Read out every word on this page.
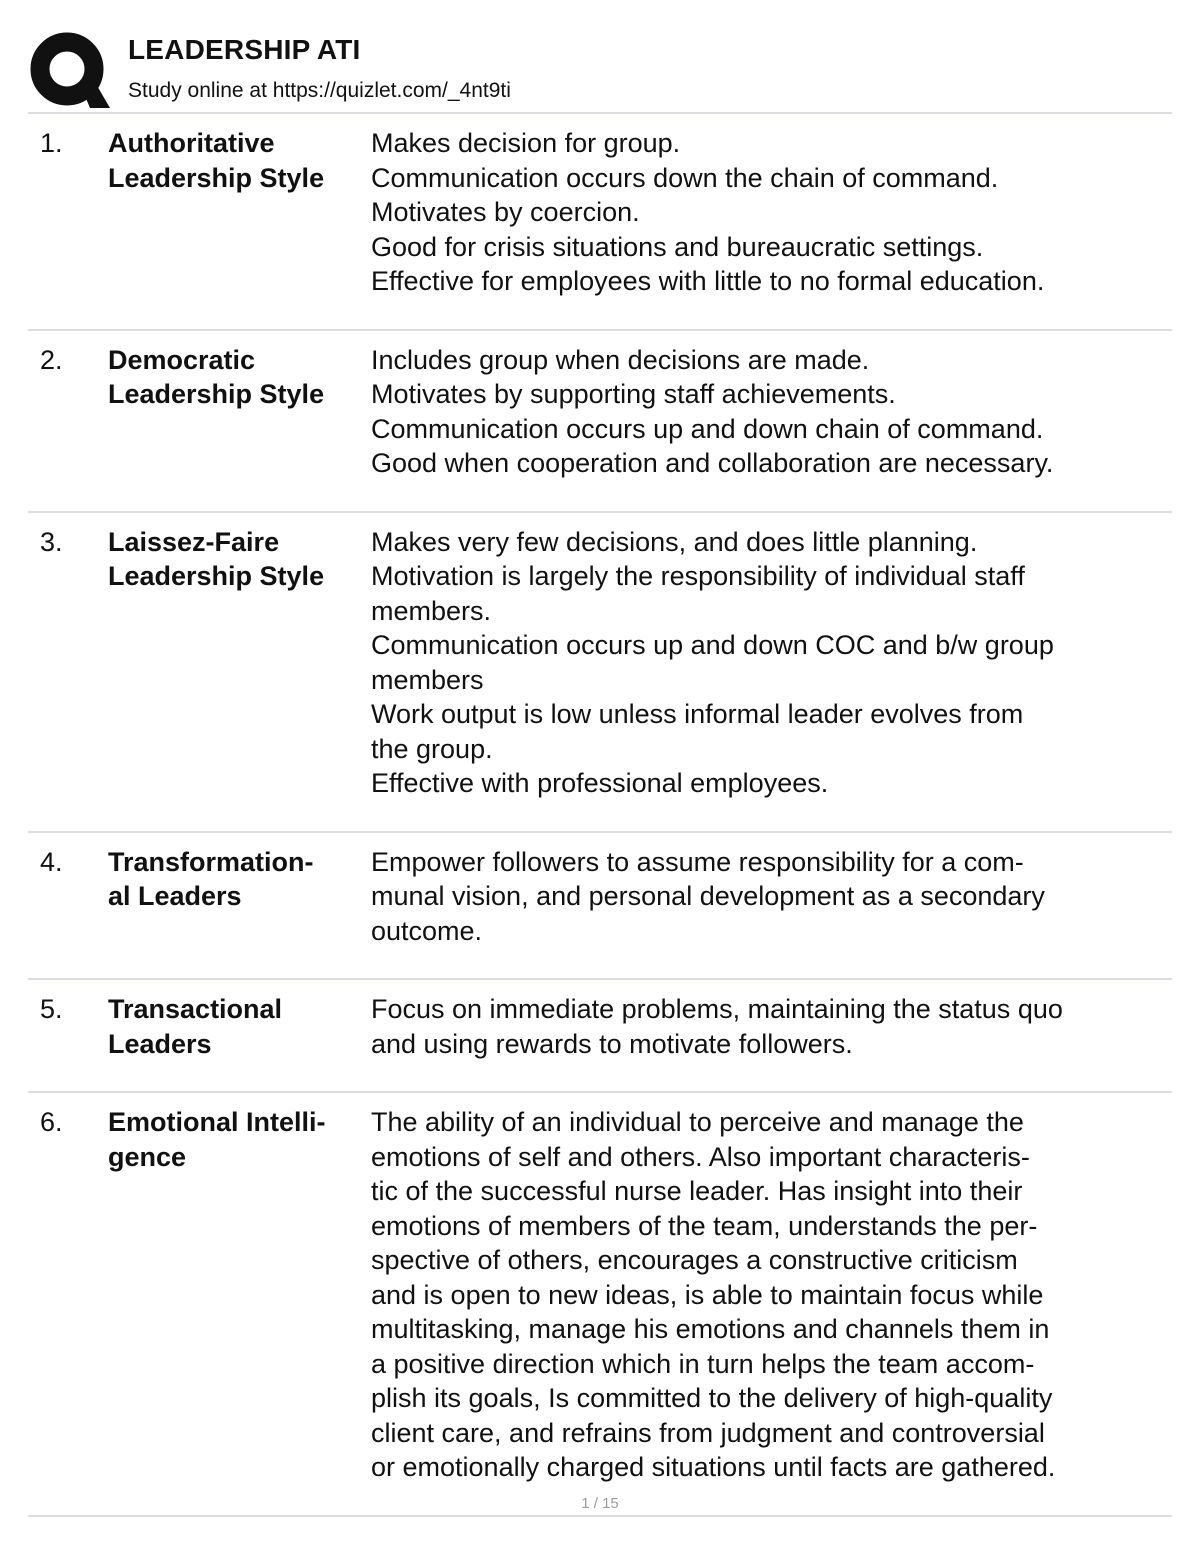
LEADERSHIP ATI
Study online at https://quizlet.com/_4nt9ti
1. Authoritative
Leadership Style
Makes decision for group.
Communication occurs down the chain of command.
Motivates by coercion.
Good for crisis situations and bureaucratic settings.
Effective for employees with little to no formal education.
2. Democratic
Leadership Style
Includes group when decisions are made.
Motivates by supporting staff achievements.
Communication occurs up and down chain of command.
Good when cooperation and collaboration are necessary.
3. Laissez-Faire
Leadership Style
Makes very few decisions, and does little planning.
Motivation is largely the responsibility of individual staff
members.
Communication occurs up and down COC and b/w group
members
Work output is low unless informal leader evolves from
the group.
Effective with professional employees.
4. Transformation-
al Leaders
Empower followers to assume responsibility for a com-
munal vision, and personal development as a secondary
outcome.
5. Transactional
Leaders
Focus on immediate problems, maintaining the status quo
and using rewards to motivate followers.
6. Emotional Intelli-
gence
The ability of an individual to perceive and manage the
emotions of self and others. Also important characteris-
tic of the successful nurse leader. Has insight into their
emotions of members of the team, understands the per-
spective of others, encourages a constructive criticism
and is open to new ideas, is able to maintain focus while
multitasking, manage his emotions and channels them in
a positive direction which in turn helps the team accom-
plish its goals, Is committed to the delivery of high-quality
client care, and refrains from judgment and controversial
or emotionally charged situations until facts are gathered.
1 / 15
